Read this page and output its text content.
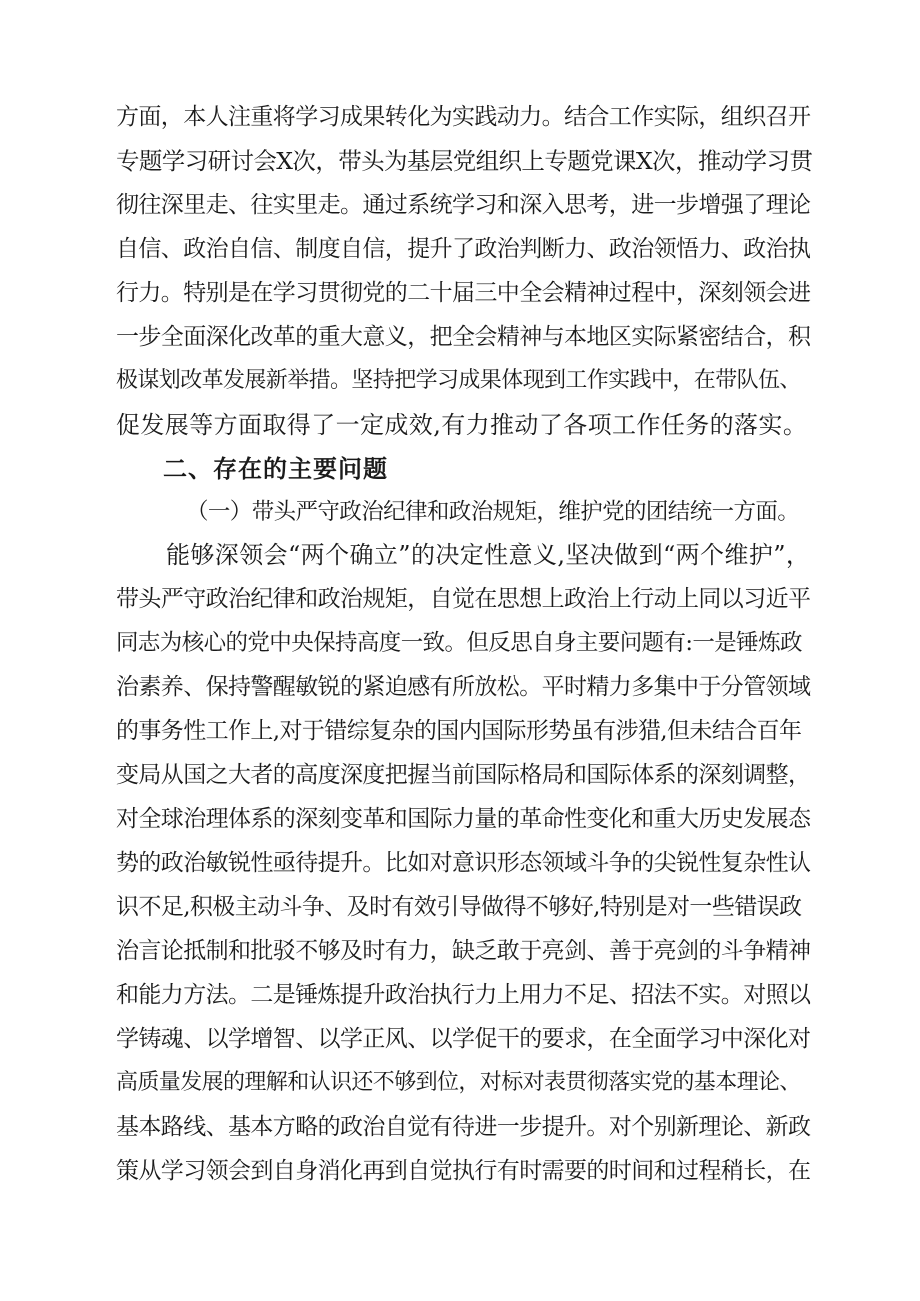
方面，本人注重将学习成果转化为实践动力。结合工作实际，组织召开
专题学习研讨会X次，带头为基层党组织上专题党课X次，推动学习贯
彻往深里走、往实里走。通过系统学习和深入思考，进一步增强了理论
自信、政治自信、制度自信，提升了政治判断力、政治领悟力、政治执
行力。特别是在学习贯彻党的二十届三中全会精神过程中，深刻领会进
一步全面深化改革的重大意义，把全会精神与本地区实际紧密结合，积
极谋划改革发展新举措。坚持把学习成果体现到工作实践中，在带队伍、
促发展等方面取得了一定成效,有力推动了各项工作任务的落实。
二、存在的主要问题
（一）带头严守政治纪律和政治规矩，维护党的团结统一方面。
能够深领会“两个确立”的决定性意义,坚决做到“两个维护”，
带头严守政治纪律和政治规矩，自觉在思想上政治上行动上同以习近平
同志为核心的党中央保持高度一致。但反思自身主要问题有:一是锤炼政
治素养、保持警醒敏锐的紧迫感有所放松。平时精力多集中于分管领域
的事务性工作上,对于错综复杂的国内国际形势虽有涉猎,但未结合百年
变局从国之大者的高度深度把握当前国际格局和国际体系的深刻调整，
对全球治理体系的深刻变革和国际力量的革命性变化和重大历史发展态
势的政治敏锐性亟待提升。比如对意识形态领域斗争的尖锐性复杂性认
识不足,积极主动斗争、及时有效引导做得不够好,特别是对一些错误政
治言论抵制和批驳不够及时有力，缺乏敢于亮剑、善于亮剑的斗争精神
和能力方法。二是锤炼提升政治执行力上用力不足、招法不实。对照以
学铸魂、以学增智、以学正风、以学促干的要求，在全面学习中深化对
高质量发展的理解和认识还不够到位，对标对表贯彻落实党的基本理论、
基本路线、基本方略的政治自觉有待进一步提升。对个别新理论、新政
策从学习领会到自身消化再到自觉执行有时需要的时间和过程稍长，在
